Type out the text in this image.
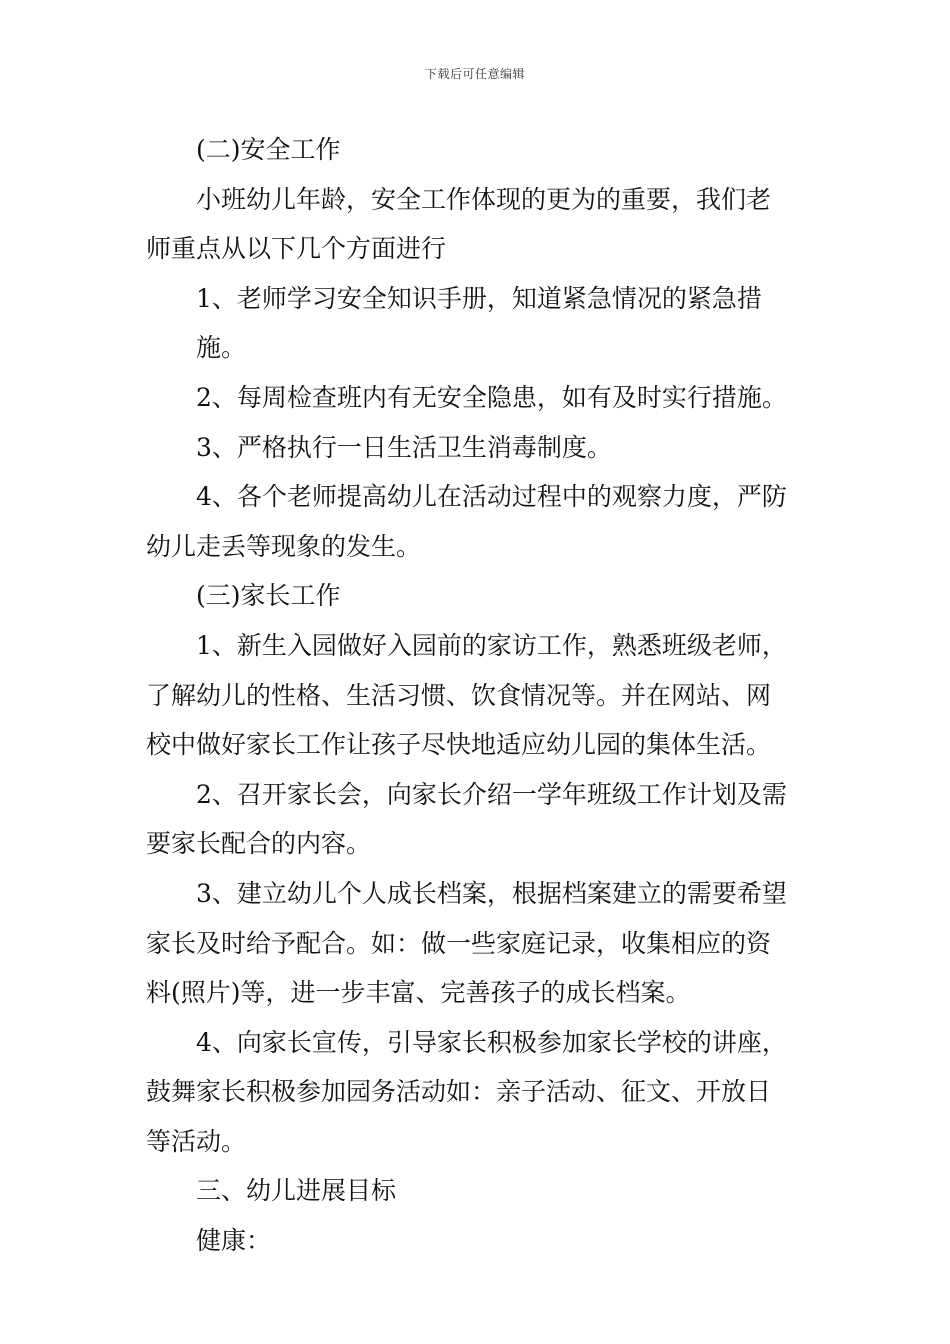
下载后可任意编辑

(二)安全工作

小班幼儿年龄，安全工作体现的更为的重要，我们老

师重点从以下几个方面进行

1、老师学习安全知识手册，知道紧急情况的紧急措施。

2、每周检查班内有无安全隐患，如有及时实行措施。

3、严格执行一日生活卫生消毒制度。

4、各个老师提高幼儿在活动过程中的观察力度，严防

幼儿走丢等现象的发生。

(三)家长工作

1、新生入园做好入园前的家访工作，熟悉班级老师，

了解幼儿的性格、生活习惯、饮食情况等。并在网站、网

校中做好家长工作让孩子尽快地适应幼儿园的集体生活。

2、召开家长会，向家长介绍一学年班级工作计划及需

要家长配合的内容。

3、建立幼儿个人成长档案，根据档案建立的需要希望

家长及时给予配合。如：做一些家庭记录，收集相应的资

料(照片)等，进一步丰富、完善孩子的成长档案。

4、向家长宣传，引导家长积极参加家长学校的讲座，

鼓舞家长积极参加园务活动如：亲子活动、征文、开放日

等活动。

三、幼儿进展目标

健康：
